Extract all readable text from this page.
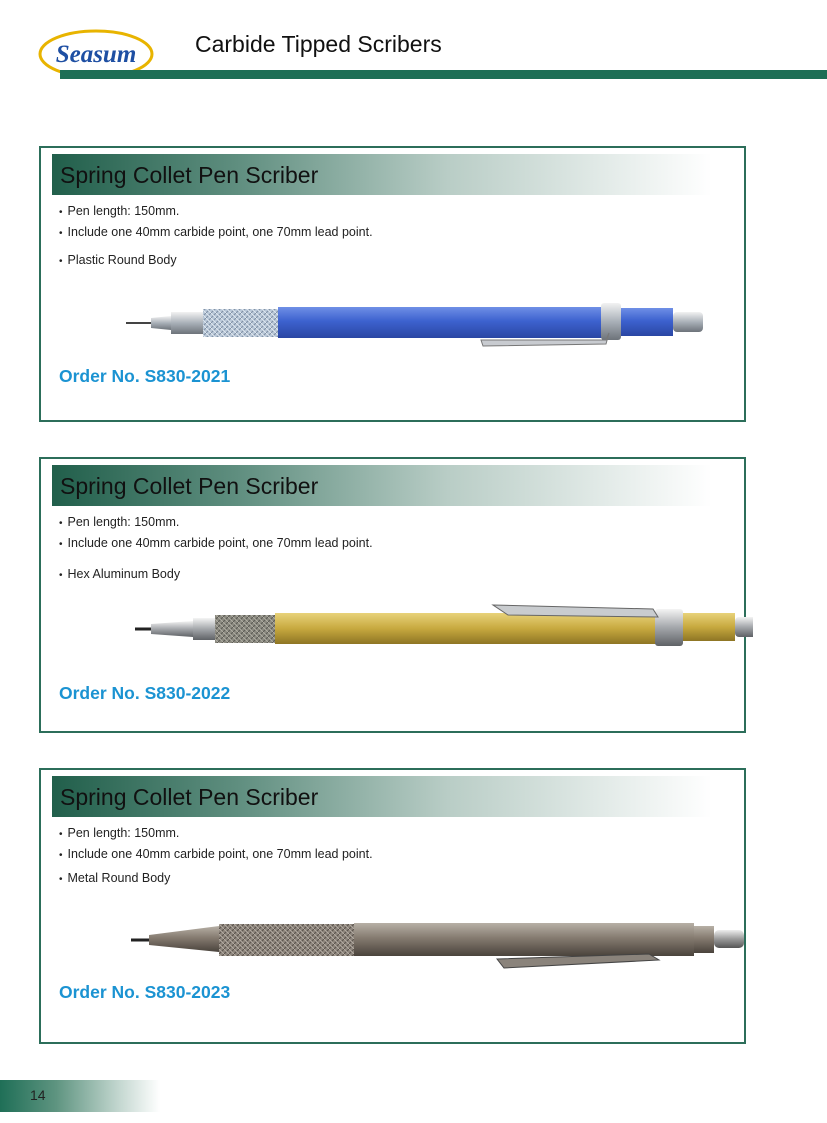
Seasum	Carbide Tipped Scribers
Spring Collet Pen Scriber
• Pen length: 150mm.
• Include one 40mm carbide point, one 70mm lead point.
• Plastic Round Body
Order No. S830-2021
Spring Collet Pen Scriber
• Pen length: 150mm.
• Include one 40mm carbide point, one 70mm lead point.
• Hex Aluminum Body
Order No. S830-2022
Spring Collet Pen Scriber
• Pen length: 150mm.
• Include one 40mm carbide point, one 70mm lead point.
• Metal Round Body
Order No. S830-2023
14
